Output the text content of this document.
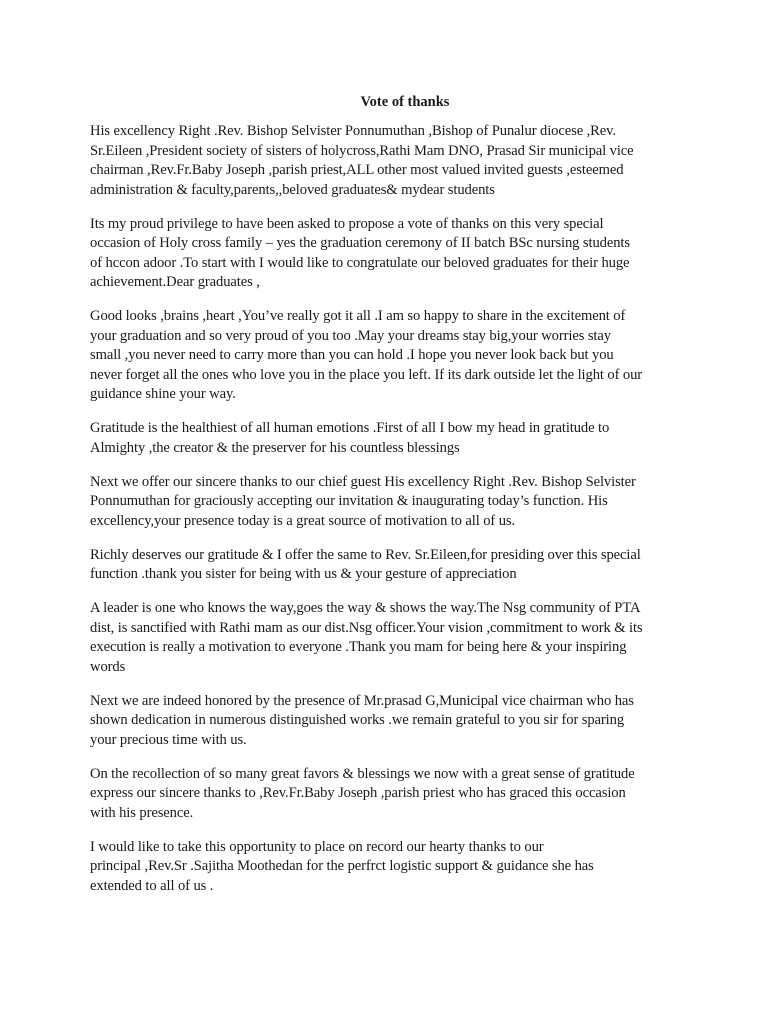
Vote of thanks
His excellency Right .Rev. Bishop Selvister Ponnumuthan ,Bishop of Punalur diocese ,Rev.
Sr.Eileen ,President society of sisters of holycross,Rathi Mam DNO, Prasad Sir municipal vice
chairman ,Rev.Fr.Baby Joseph ,parish priest,ALL other most valued invited guests ,esteemed
administration & faculty,parents,,beloved graduates& mydear students
Its my proud privilege to have been asked to propose a vote of thanks on this very special
occasion of Holy cross family – yes the graduation ceremony of II batch BSc nursing students
of hccon adoor .To start with I would like to congratulate our beloved graduates for their huge
achievement.Dear graduates ,
Good looks ,brains ,heart ,You’ve really got it all .I am so happy to share in the excitement of
your graduation and so very proud of you too .May your dreams stay big,your worries stay
small ,you never need to carry more than you can hold .I hope you never look back but you
never forget all the ones who love you in the place you left. If its dark outside let the light of our
guidance shine your way.
Gratitude is the healthiest of all human emotions .First of all I bow my head in gratitude to
Almighty ,the creator & the preserver for his countless blessings
Next we offer our sincere thanks to our chief guest His excellency Right .Rev. Bishop Selvister
Ponnumuthan for graciously accepting our invitation & inaugurating today’s function. His
excellency,your presence today is a great source of motivation to all of us.
Richly deserves our gratitude & I offer the same to Rev. Sr.Eileen,for presiding over this special
function .thank you sister for being with us & your gesture of appreciation
A leader is one who knows the way,goes the way & shows the way.The Nsg community of PTA
dist, is sanctified with Rathi mam as our dist.Nsg officer.Your vision ,commitment to work & its
execution is really a motivation to everyone .Thank you mam for being here & your inspiring
words
Next we are indeed honored by the presence of Mr.prasad G,Municipal vice chairman who has
shown dedication in numerous distinguished works .we remain grateful to you sir for sparing
your precious time with us.
On the recollection of so many great favors & blessings we now with a great sense of gratitude
express our sincere thanks to ,Rev.Fr.Baby Joseph ,parish priest who has graced this occasion
with his presence.
I would like to take this opportunity to place on record our hearty thanks to our
principal ,Rev.Sr .Sajitha Moothedan for the perfrct logistic support & guidance she has
extended to all of us .
